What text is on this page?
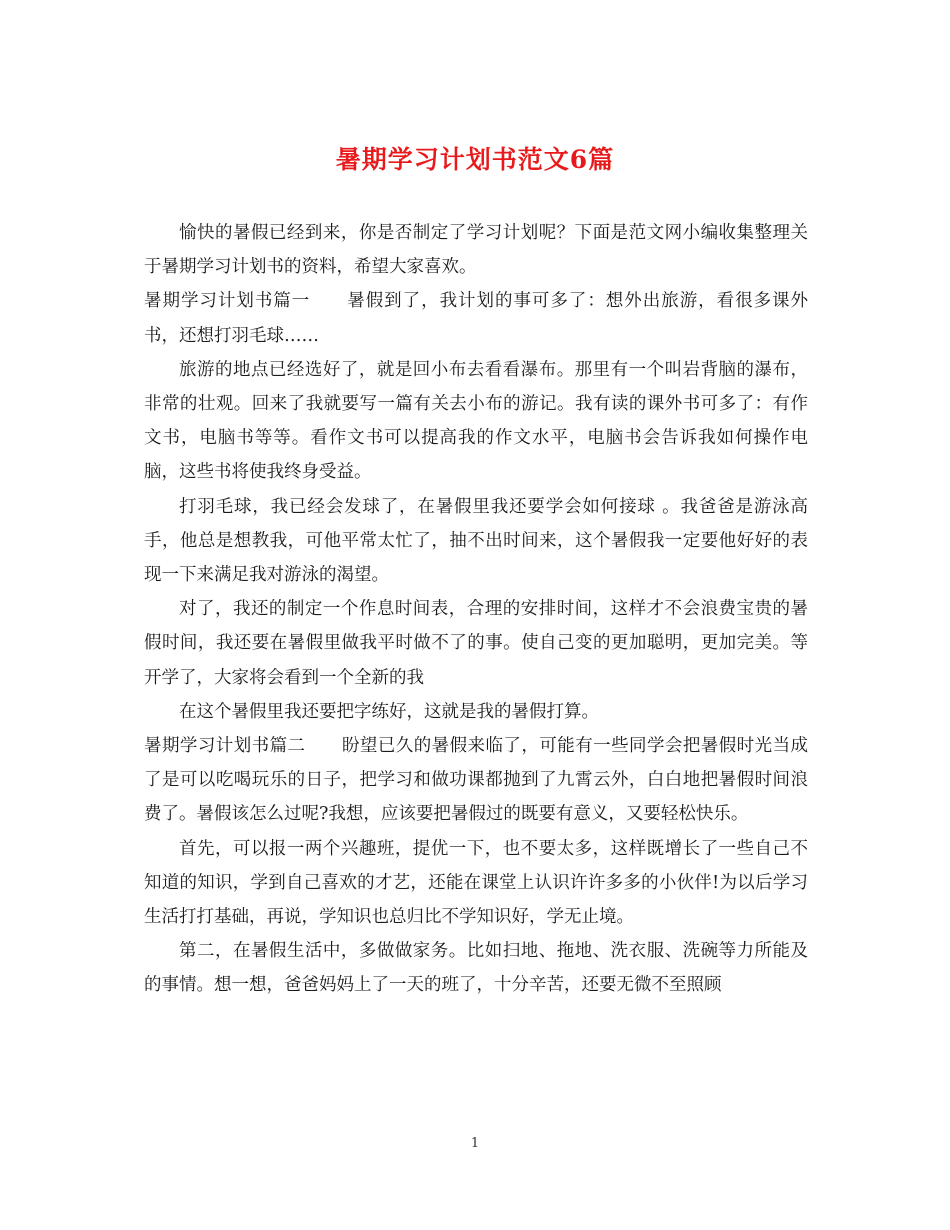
暑期学习计划书范文6篇

愉快的暑假已经到来，你是否制定了学习计划呢？下面是范文网小编收集整理关于暑期学习计划书的资料，希望大家喜欢。

暑期学习计划书篇一 暑假到了，我计划的事可多了：想外出旅游，看很多课外书，还想打羽毛球……

旅游的地点已经选好了，就是回小布去看看瀑布。那里有一个叫岩背脑的瀑布，非常的壮观。回来了我就要写一篇有关去小布的游记。我有读的课外书可多了：有作文书，电脑书等等。看作文书可以提高我的作文水平，电脑书会告诉我如何操作电脑，这些书将使我终身受益。

打羽毛球，我已经会发球了，在暑假里我还要学会如何接球 。我爸爸是游泳高手，他总是想教我，可他平常太忙了，抽不出时间来，这个暑假我一定要他好好的表现一下来满足我对游泳的渴望。

对了，我还的制定一个作息时间表，合理的安排时间，这样才不会浪费宝贵的暑假时间，我还要在暑假里做我平时做不了的事。使自己变的更加聪明，更加完美。等开学了，大家将会看到一个全新的我

在这个暑假里我还要把字练好，这就是我的暑假打算。

暑期学习计划书篇二 盼望已久的暑假来临了，可能有一些同学会把暑假时光当成了是可以吃喝玩乐的日子，把学习和做功课都抛到了九霄云外，白白地把暑假时间浪费了。暑假该怎么过呢?我想，应该要把暑假过的既要有意义，又要轻松快乐。

首先，可以报一两个兴趣班，提优一下，也不要太多，这样既增长了一些自己不知道的知识，学到自己喜欢的才艺，还能在课堂上认识许许多多的小伙伴!为以后学习生活打打基础，再说，学知识也总归比不学知识好，学无止境。

第二，在暑假生活中，多做做家务。比如扫地、拖地、洗衣服、洗碗等力所能及的事情。想一想，爸爸妈妈上了一天的班了，十分辛苦，还要无微不至照顾

1
